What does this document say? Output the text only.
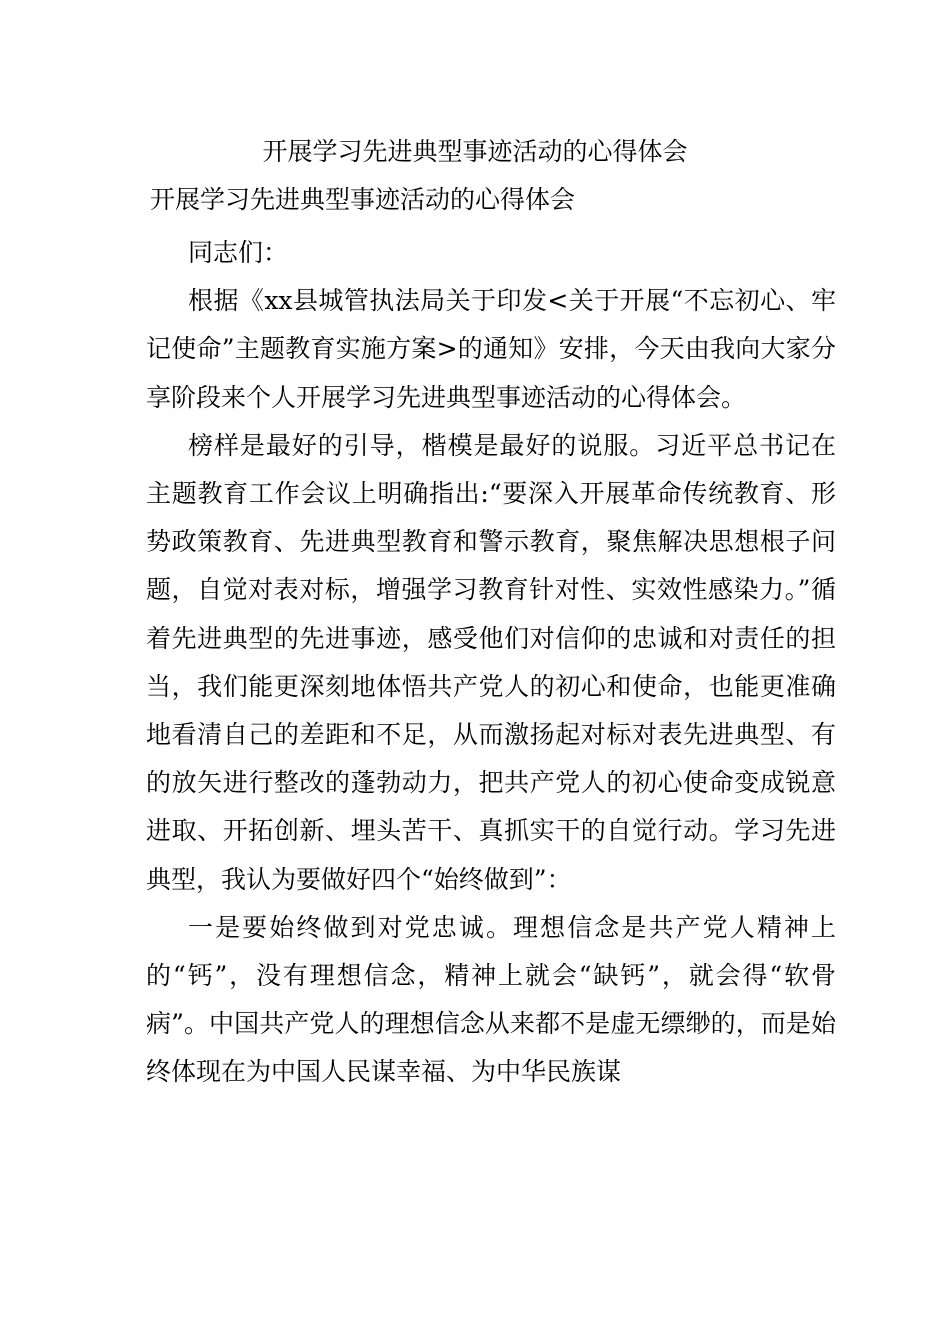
开展学习先进典型事迹活动的心得体会
开展学习先进典型事迹活动的心得体会

同志们：

根据《xx县城管执法局关于印发<关于开展“不忘初心、牢记使命”主题教育实施方案>的通知》安排，今天由我向大家分享阶段来个人开展学习先进典型事迹活动的心得体会。

榜样是最好的引导，楷模是最好的说服。习近平总书记在主题教育工作会议上明确指出:“要深入开展革命传统教育、形势政策教育、先进典型教育和警示教育，聚焦解决思想根子问题，自觉对表对标，增强学习教育针对性、实效性感染力。”循着先进典型的先进事迹，感受他们对信仰的忠诚和对责任的担当，我们能更深刻地体悟共产党人的初心和使命，也能更准确地看清自己的差距和不足，从而激扬起对标对表先进典型、有的放矢进行整改的蓬勃动力，把共产党人的初心使命变成锐意进取、开拓创新、埋头苦干、真抓实干的自觉行动。学习先进典型，我认为要做好四个“始终做到”：

一是要始终做到对党忠诚。理想信念是共产党人精神上的“钙”，没有理想信念，精神上就会“缺钙”，就会得“软骨病”。中国共产党人的理想信念从来都不是虚无缥缈的，而是始终体现在为中国人民谋幸福、为中华民族谋
